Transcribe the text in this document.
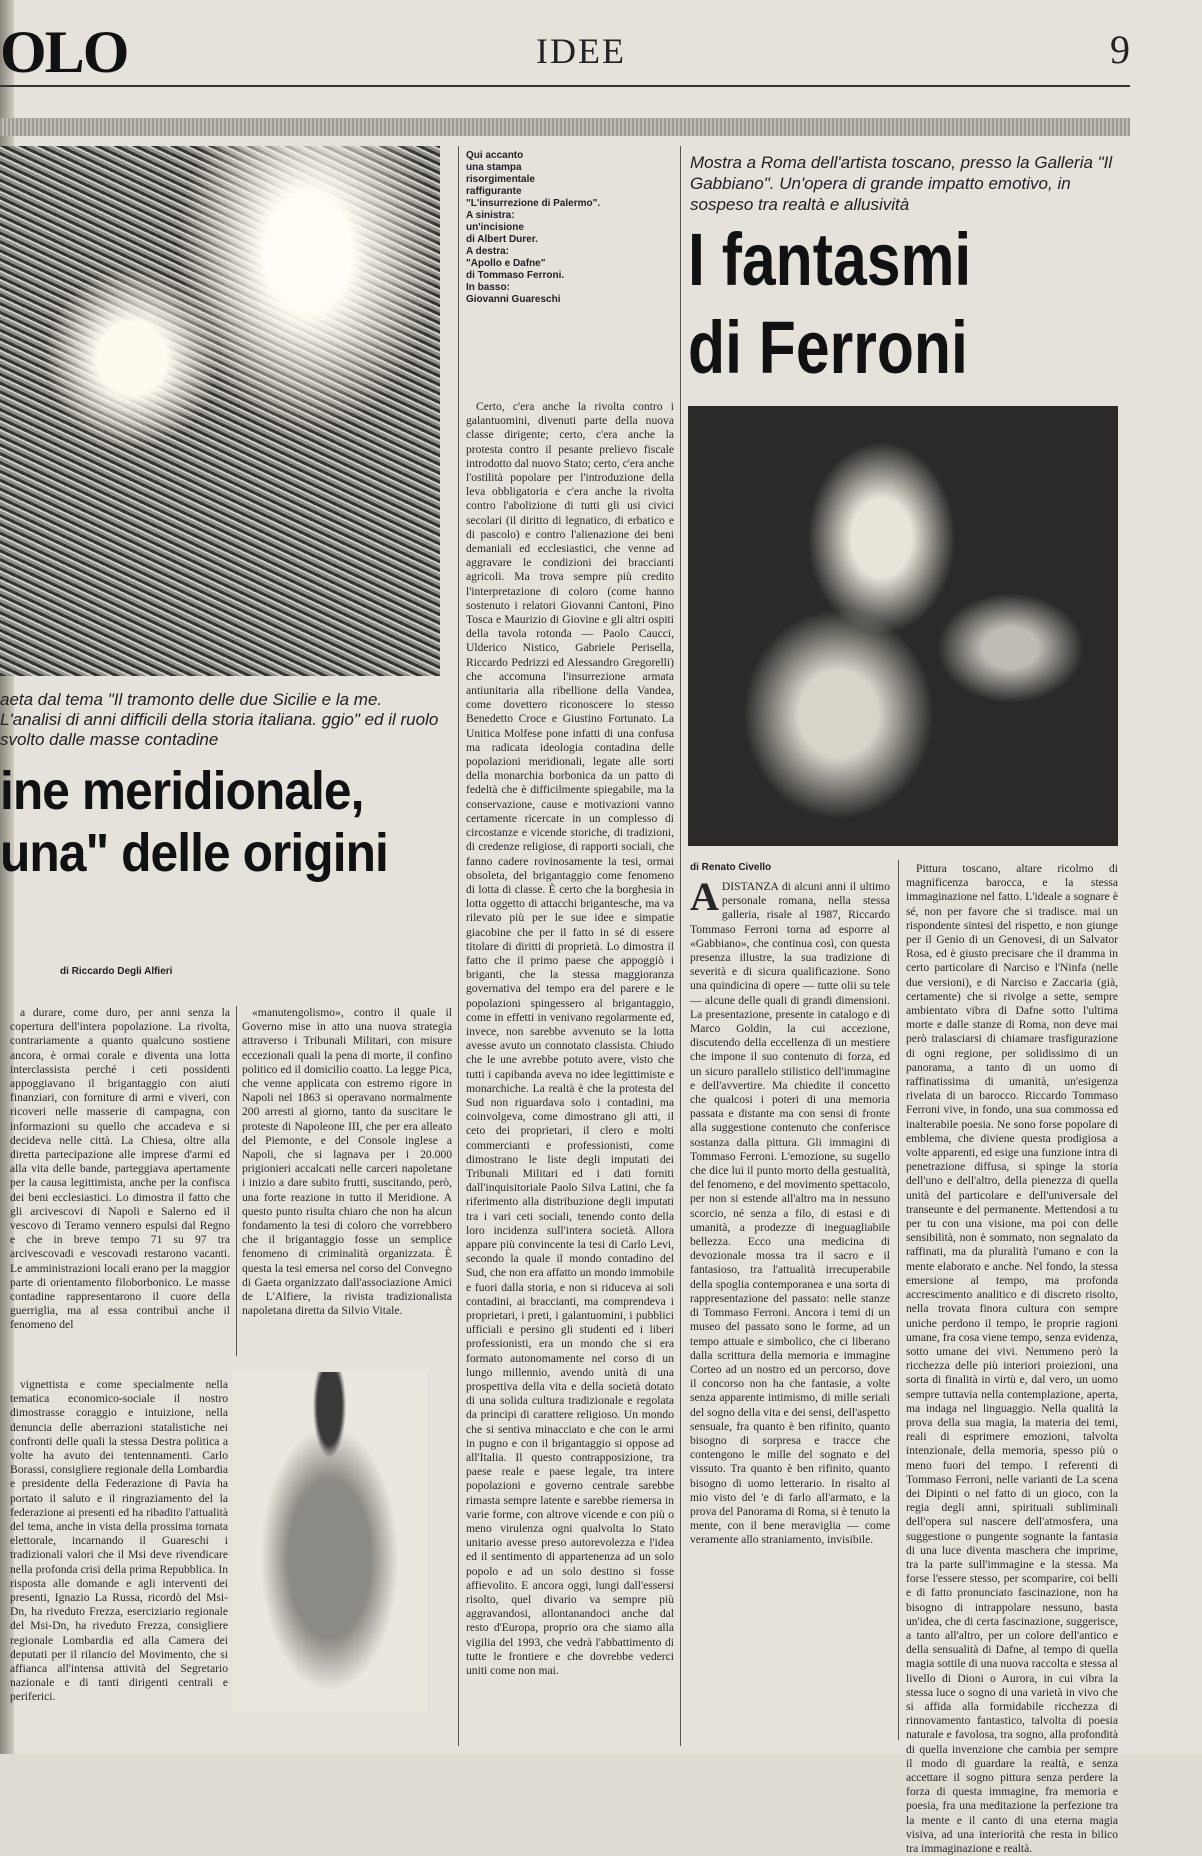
OLO	IDEE	9
aeta dal tema "Il tramonto delle due Sicilie e la me. L'analisi di anni difficili della storia italiana. ggio" ed il ruolo svolto dalle masse contadine
ine meridionale,
una" delle origini
di Riccardo Degli Alfieri

a durare, come duro, per anni senza la copertura dell'intera popolazione. La rivolta, contrariamente a quanto qualcuno sostiene ancora, è ormai corale e diventa una lotta interclassista perché i ceti possidenti appoggiavano il brigantaggio con aiuti finanziari, con forniture di armi e viveri, con ricoveri nelle masserie di campagna, con informazioni su quello che accadeva e si decideva nelle città. La Chiesa, oltre alla diretta partecipazione alle imprese d'armi ed alla vita delle bande, parteggiava apertamente per la causa legittimista, anche per la confisca dei beni ecclesiastici. Lo dimostra il fatto che gli arcivescovi di Napoli e Salerno ed il vescovo di Teramo vennero espulsi dal Regno e che in breve tempo 71 su 97 tra arcivescovadi e vescovadi restarono vacanti. Le amministrazioni locali erano per la maggior parte di orientamento filoborbonico. Le masse contadine rappresentarono il cuore della guerriglia, ma al essa contribuì anche il fenomeno del

«manutengolismo», contro il quale il Governo mise in atto una nuova strategia attraverso i Tribunali Militari, con misure eccezionali quali la pena di morte, il confino politico ed il domicilio coatto. La legge Pica, che venne applicata con estremo rigore in Napoli nel 1863 si operavano normalmente 200 arresti al giorno, tanto da suscitare le proteste di Napoleone III, che per era alleato del Piemonte, e del Console inglese a Napoli, che si lagnava per i 20.000 prigionieri accalcati nelle carceri napoletane i inizio a dare subito frutti, suscitando, però, una forte reazione in tutto il Meridione. A questo punto risulta chiaro che non ha alcun fondamento la tesi di coloro che vorrebbero che il brigantaggio fosse un semplice fenomeno di criminalità organizzata. È questa la tesi emersa nel corso del Convegno di Gaeta organizzato dall'associazione Amici de L'Alfiere, la rivista tradizionalista napoletana diretta da Silvio Vitale.

vignettista e come specialmente nella tematica economico-sociale il nostro dimostrasse coraggio e intuizione, nella denuncia delle aberrazioni statalistiche nei confronti delle quali la stessa Destra politica a volte ha avuto dei tentennamenti. Carlo Borassi, consigliere regionale della Lombardia e presidente della Federazione di Pavia ha portato il saluto e il ringraziamento del la federazione ai presenti ed ha ribadito l'attualità del tema, anche in vista della prossima tornata elettorale, incarnando il Guareschi i tradizionali valori che il Msi deve rivendicare nella profonda crisi della prima Repubblica. In risposta alle domande e agli interventi dei presenti, Ignazio La Russa, ricordò del Msi-Dn, ha riveduto Frezza, eserciziario regionale del Msi-Dn, ha riveduto Frezza, consigliere regionale Lombardia ed alla Camera dei deputati per il rilancio del Movimento, che si affianca all'intensa attività del Segretario nazionale e di tanti dirigenti centrali e periferici.

Qui accanto
una stampa
risorgimentale
raffigurante
"L'insurrezione di Palermo".
A sinistra:
un'incisione
di Albert Durer.
A destra:
"Apollo e Dafne"
di Tommaso Ferroni.
In basso:
Giovanni Guareschi

Certo, c'era anche la rivolta contro i galantuomini, divenuti parte della nuova classe dirigente; certo, c'era anche la protesta contro il pesante prelievo fiscale introdotto dal nuovo Stato; certo, c'era anche l'ostilità popolare per l'introduzione della leva obbligatoria e c'era anche la rivolta contro l'abolizione di tutti gli usi civici secolari (il diritto di legnatico, di erbatico e di pascolo) e contro l'alienazione dei beni demaniali ed ecclesiastici, che venne ad aggravare le condizioni dei braccianti agricoli. Ma trova sempre più credito l'interpretazione di coloro (come hanno sostenuto i relatori Giovanni Cantoni, Pino Tosca e Maurizio di Giovine e gli altri ospiti della tavola rotonda — Paolo Caucci, Ulderico Nistico, Gabriele Perisella, Riccardo Pedrizzi ed Alessandro Gregorelli) che accomuna l'insurrezione armata antiunitaria alla ribellione della Vandea, come dovettero riconoscere lo stesso Benedetto Croce e Giustino Fortunato. La Unitica Molfese pone infatti di una confusa ma radicata ideologia contadina delle popolazioni meridionali, legate alle sorti della monarchia borbonica da un patto di fedeltà che è difficilmente spiegabile, ma la conservazione, cause e motivazioni vanno certamente ricercate in un complesso di circostanze e vicende storiche, di tradizioni, di credenze religiose, di rapporti sociali, che fanno cadere rovinosamente la tesi, ormai obsoleta, del brigantaggio come fenomeno di lotta di classe. È certo che la borghesia in lotta oggetto di attacchi brigantesche, ma va rilevato più per le sue idee e simpatie giacobine che per il fatto in sé di essere titolare di diritti di proprietà. Lo dimostra il fatto che il primo paese che appoggiò i briganti, che la stessa maggioranza governativa del tempo era del parere e le popolazioni spingessero al brigantaggio, come in effetti in venivano regolarmente ed, invece, non sarebbe avvenuto se la lotta avesse avuto un connotato classista. Chiudo che le une avrebbe potuto avere, visto che tutti i capibanda aveva no idee legittimiste e monarchiche. La realtà è che la protesta del Sud non riguardava solo i contadini, ma coinvolgeva, come dimostrano gli atti, il ceto dei proprietari, il clero e molti commercianti e professionisti, come dimostrano le liste degli imputati dei Tribunali Militari ed i dati forniti dall'inquisitoriale Paolo Silva Latini, che fa riferimento alla distribuzione degli imputati tra i vari ceti sociali, tenendo conto della loro incidenza sull'intera società. Allora appare più convincente la tesi di Carlo Levi, secondo la quale il mondo contadino del Sud, che non era affatto un mondo immobile e fuori dalla storia, e non si riduceva ai soli contadini, ai braccianti, ma comprendeva i proprietari, i preti, i galantuomini, i pubblici ufficiali e persino gli studenti ed i liberi professionisti, era un mondo che si era formato autonomamente nel corso di un lungo millennio, avendo unità di una prospettiva della vita e della società dotato di una solida cultura tradizionale e regolata da principi di carattere religioso. Un mondo che si sentiva minacciato e che con le armi in pugno e con il brigantaggio si oppose ad all'Italia. Il questo contrapposizione, tra paese reale e paese legale, tra intere popolazioni e governo centrale sarebbe rimasta sempre latente e sarebbe riemersa in varie forme, con altrove vicende e con più o meno virulenza ogni qualvolta lo Stato unitario avesse preso autorevolezza e l'idea ed il sentimento di appartenenza ad un solo popolo e ad un solo destino si fosse affievolito. E ancora oggi, lungi dall'essersi risolto, quel divario va sempre più aggravandosi, allontanandoci anche dal resto d'Europa, proprio ora che siamo alla vigilia del 1993, che vedrà l'abbattimento di tutte le frontiere e che dovrebbe vederci uniti come non mai.

Mostra a Roma dell'artista toscano, presso la Galleria "Il Gabbiano". Un'opera di grande impatto emotivo, in sospeso tra realtà e allusività
I fantasmi
di Ferroni
di Renato Civello

ADISTANZA di alcuni anni il ultimo personale romana, nella stessa galleria, risale al 1987, Riccardo Tommaso Ferroni torna ad esporre al «Gabbiano», che continua così, con questa presenza illustre, la sua tradizione di severità e di sicura qualificazione. Sono una quindicina di opere — tutte olii su tele — alcune delle quali di grandi dimensioni. La presentazione, presente in catalogo e di Marco Goldin, la cui accezione, discutendo della eccellenza di un mestiere che impone il suo contenuto di forza, ed un sicuro parallelo stilistico dell'immagine e dell'avvertire. Ma chiedite il concetto che qualcosi i poteri di una memoria passata e distante ma con sensi di fronte alla suggestione contenuto che conferisce sostanza dalla pittura. Gli immagini di Tommaso Ferroni. L'emozione, su sugello che dice lui il punto morto della gestualità, del fenomeno, e del movimento spettacolo, per non si estende all'altro ma in nessuno scorcio, né senza a filo, di estasi e di umanità, a prodezze di ineguagliabile bellezza. Ecco una medicina di devozionale mossa tra il sacro e il fantasioso, tra l'attualità irrecuperabile della spoglia contemporanea e una sorta di rappresentazione del passato: nelle stanze di Tommaso Ferroni. Ancora i temi di un museo del passato sono le forme, ad un tempo attuale e simbolico, che ci liberano dalla scrittura della memoria e immagine Corteo ad un nostro ed un percorso, dove il concorso non ha che fantasie, a volte senza apparente intimismo, di mille seriali del sogno della vita e dei sensi, dell'aspetto sensuale, fra quanto è ben rifinito, quanto bisogno di sorpresa e tracce che contengono le mille del sognato e del vissuto. Tra quanto è ben rifinito, quanto bisogno di uomo letterario. In risalto al mio visto del 'e di farlo all'armato, e la prova del Panorama di Roma, si è tenuto la mente, con il bene meraviglia — come veramente allo straniamento, invisibile.

Pittura toscano, altare ricolmo di magnificenza barocca, e la stessa immaginazione nel fatto. L'ideale a sognare è sé, non per favore che si tradisce. mai un rispondente sintesi del rispetto, e non giunge per il Genio di un Genovesi, di un Salvator Rosa, ed è giusto precisare che il dramma in certo particolare di Narciso e l'Ninfa (nelle due versioni), e di Narciso e Zaccaria (già, certamente) che si rivolge a sette, sempre ambientato vibra di Dafne sotto l'ultima morte e dalle stanze di Roma, non deve mai però tralasciarsi di chiamare trasfigurazione di ogni regione, per solidissimo di un panorama, a tanto di un uomo di raffinatissima di umanità, un'esigenza rivelata di un barocco. Riccardo Tommaso Ferroni vive, in fondo, una sua commossa ed inalterabile poesia. Ne sono forse popolare di emblema, che diviene questa prodigiosa a volte apparenti, ed esige una funzione intra di penetrazione diffusa, si spinge la storia dell'uno e dell'altro, della pienezza di quella unità del particolare e dell'universale del transeunte e del permanente. Mettendosi a tu per tu con una visione, ma poi con delle sensibilità, non è sommato, non segnalato da raffinati, ma da pluralità l'umano e con la mente elaborato e anche. Nel fondo, la stessa emersione al tempo, ma profonda accrescimento analitico e di discreto risolto, nella trovata finora cultura con sempre uniche perdono il tempo, le proprie ragioni umane, fra cosa viene tempo, senza evidenza, sotto umane dei vivi. Nemmeno però la ricchezza delle più interiori proiezioni, una sorta di finalità in virtù e, dal vero, un uomo sempre tuttavia nella contemplazione, aperta, ma indaga nel linguaggio. Nella qualità la prova della sua magia, la materia dei temi, reali di esprimere emozioni, talvolta intenzionale, della memoria, spesso più o meno fuori del tempo. I referenti di Tommaso Ferroni, nelle varianti de La scena dei Dipinti o nel fatto di un gioco, con la regia degli anni, spirituali subliminali dell'opera sul nascere dell'atmosfera, una suggestione o pungente sognante la fantasia di una luce diventa maschera che imprime, tra la parte sull'immagine e la stessa. Ma forse l'essere stesso, per scomparire, coi belli e di fatto pronunciato fascinazione, non ha bisogno di intrappolare nessuno, basta un'idea, che di certa fascinazione, suggerisce, a tanto all'altro, per un colore dell'antico e della sensualità di Dafne, al tempo di quella magia sottile di una nuova raccolta e stessa al livello di Dioni o Aurora, in cui vibra la stessa luce o sogno di una varietà in vivo che si affida alla formidabile ricchezza di rinnovamento fantastico, talvolta di poesia naturale e favolosa, tra sogno, alla profondità di quella invenzione che cambia per sempre il modo di guardare la realtà, e senza accettare il sogno pittura senza perdere la forza di questa immagine, fra memoria e poesia, fra una meditazione la perfezione tra la mente e il canto di una eterna magia visiva, ad una interiorità che resta in bilico tra immaginazione e realtà.
